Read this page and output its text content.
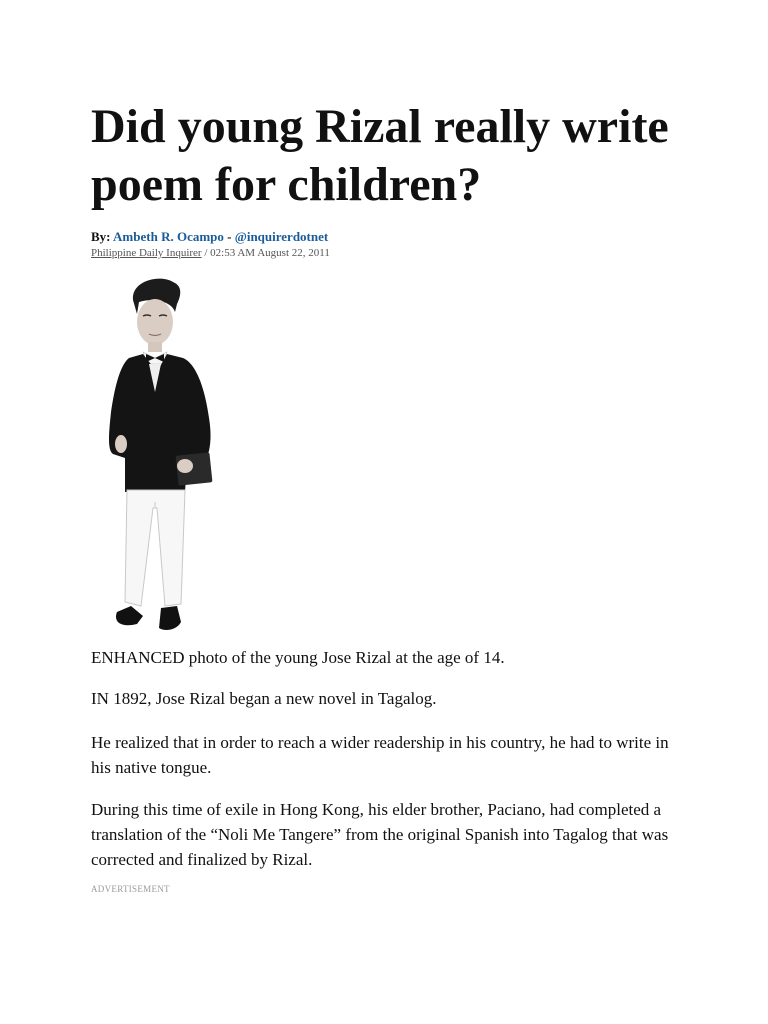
Did young Rizal really write poem for children?
By: Ambeth R. Ocampo - @inquirerdotnet
Philippine Daily Inquirer / 02:53 AM August 22, 2011

ENHANCED photo of the young Jose Rizal at the age of 14.

IN 1892, Jose Rizal began a new novel in Tagalog.

He realized that in order to reach a wider readership in his country, he had to write in his native tongue.

During this time of exile in Hong Kong, his elder brother, Paciano, had completed a translation of the “Noli Me Tangere” from the original Spanish into Tagalog that was corrected and finalized by Rizal.

ADVERTISEMENT
